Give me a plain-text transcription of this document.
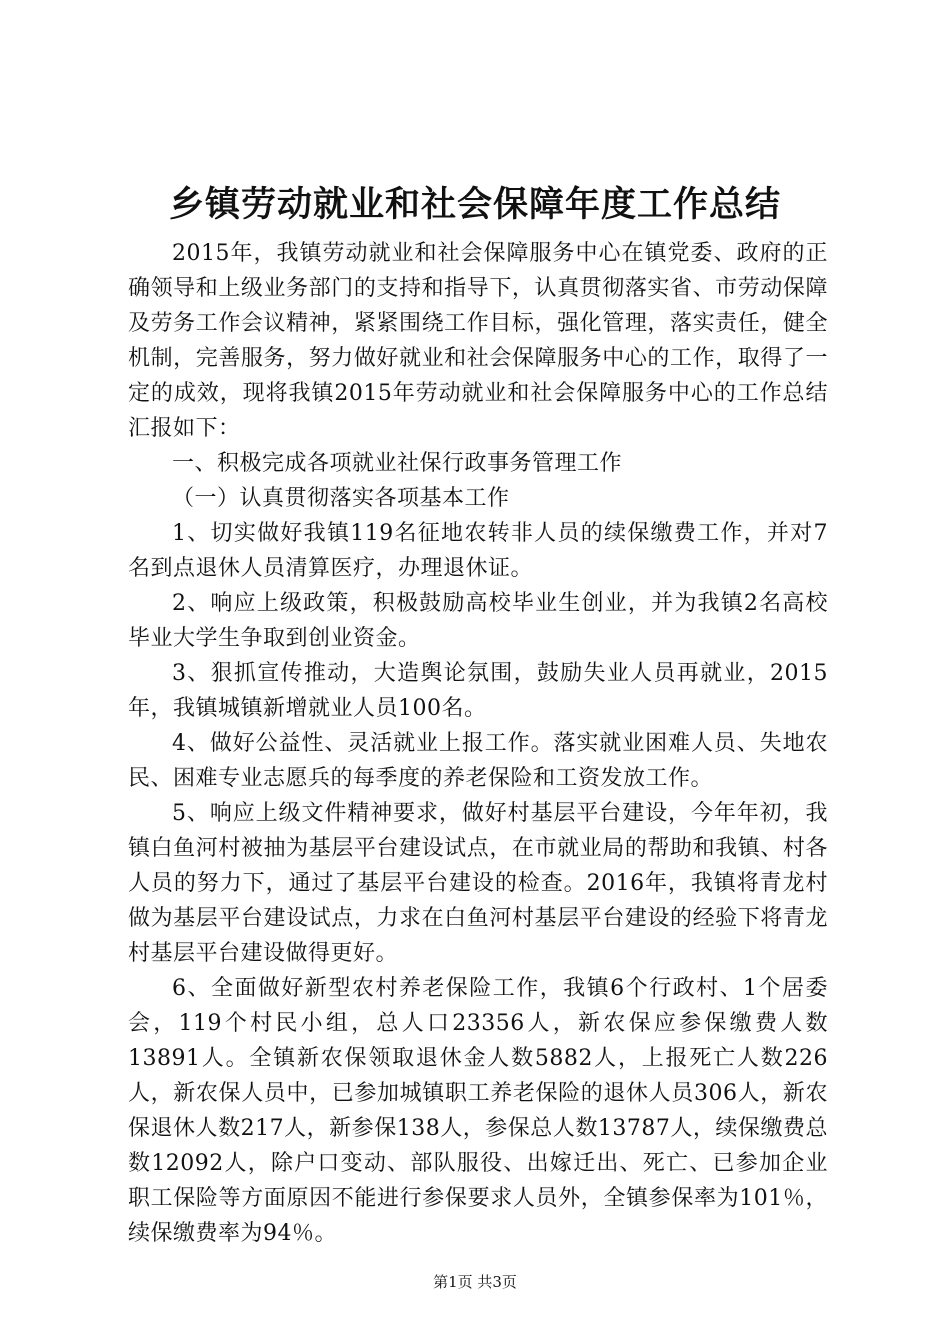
乡镇劳动就业和社会保障年度工作总结

2015年，我镇劳动就业和社会保障服务中心在镇党委、政府的正确领导和上级业务部门的支持和指导下，认真贯彻落实省、市劳动保障及劳务工作会议精神，紧紧围绕工作目标，强化管理，落实责任，健全机制，完善服务，努力做好就业和社会保障服务中心的工作，取得了一定的成效，现将我镇2015年劳动就业和社会保障服务中心的工作总结汇报如下：

一、积极完成各项就业社保行政事务管理工作

（一）认真贯彻落实各项基本工作

1、切实做好我镇119名征地农转非人员的续保缴费工作，并对7名到点退休人员清算医疗，办理退休证。

2、响应上级政策，积极鼓励高校毕业生创业，并为我镇2名高校毕业大学生争取到创业资金。

3、狠抓宣传推动，大造舆论氛围，鼓励失业人员再就业，2015年，我镇城镇新增就业人员100名。

4、做好公益性、灵活就业上报工作。落实就业困难人员、失地农民、困难专业志愿兵的每季度的养老保险和工资发放工作。

5、响应上级文件精神要求，做好村基层平台建设，今年年初，我镇白鱼河村被抽为基层平台建设试点，在市就业局的帮助和我镇、村各人员的努力下，通过了基层平台建设的检查。2016年，我镇将青龙村做为基层平台建设试点，力求在白鱼河村基层平台建设的经验下将青龙村基层平台建设做得更好。

6、全面做好新型农村养老保险工作，我镇6个行政村、1个居委会，119个村民小组，总人口23356人，新农保应参保缴费人数13891人。全镇新农保领取退休金人数5882人，上报死亡人数226人，新农保人员中，已参加城镇职工养老保险的退休人员306人，新农保退休人数217人，新参保138人，参保总人数13787人，续保缴费总数12092人，除户口变动、部队服役、出嫁迁出、死亡、已参加企业职工保险等方面原因不能进行参保要求人员外，全镇参保率为101％，续保缴费率为94％。

第1页 共3页
